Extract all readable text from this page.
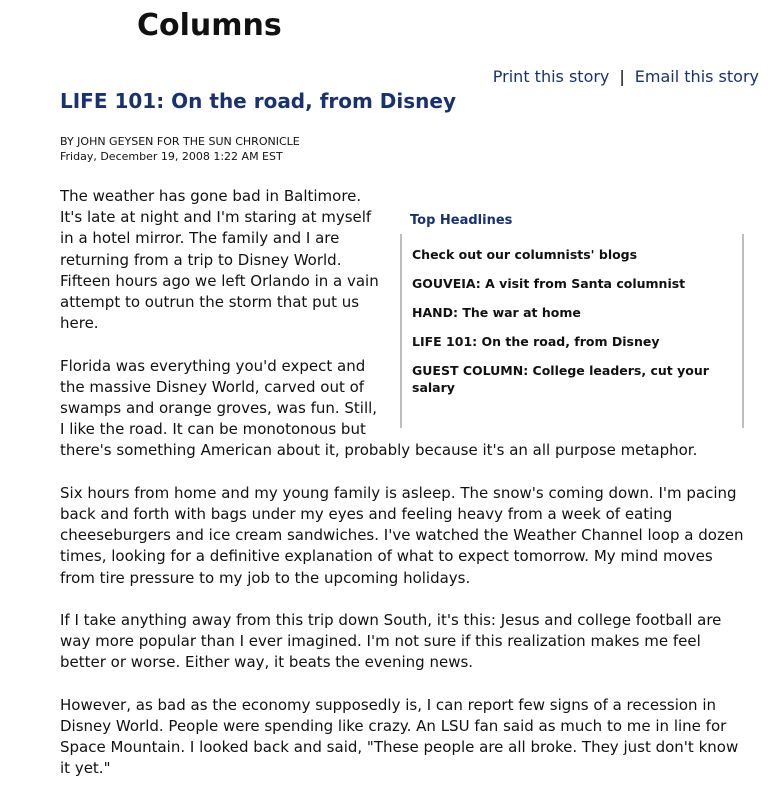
Columns
Print this story | Email this story
LIFE 101: On the road, from Disney
BY JOHN GEYSEN FOR THE SUN CHRONICLE
Friday, December 19, 2008 1:22 AM EST
Top Headlines
Check out our columnists' blogs
GOUVEIA: A visit from Santa columnist
HAND: The war at home
LIFE 101: On the road, from Disney
GUEST COLUMN: College leaders, cut your salary

The weather has gone bad in Baltimore. It's late at night and I'm staring at myself in a hotel mirror. The family and I are returning from a trip to Disney World. Fifteen hours ago we left Orlando in a vain attempt to outrun the storm that put us here.

Florida was everything you'd expect and the massive Disney World, carved out of swamps and orange groves, was fun. Still, I like the road. It can be monotonous but there's something American about it, probably because it's an all purpose metaphor.

Six hours from home and my young family is asleep. The snow's coming down. I'm pacing back and forth with bags under my eyes and feeling heavy from a week of eating cheeseburgers and ice cream sandwiches. I've watched the Weather Channel loop a dozen times, looking for a definitive explanation of what to expect tomorrow. My mind moves from tire pressure to my job to the upcoming holidays.

If I take anything away from this trip down South, it's this: Jesus and college football are way more popular than I ever imagined. I'm not sure if this realization makes me feel better or worse. Either way, it beats the evening news.

However, as bad as the economy supposedly is, I can report few signs of a recession in Disney World. People were spending like crazy. An LSU fan said as much to me in line for Space Mountain. I looked back and said, "These people are all broke. They just don't know it yet."
